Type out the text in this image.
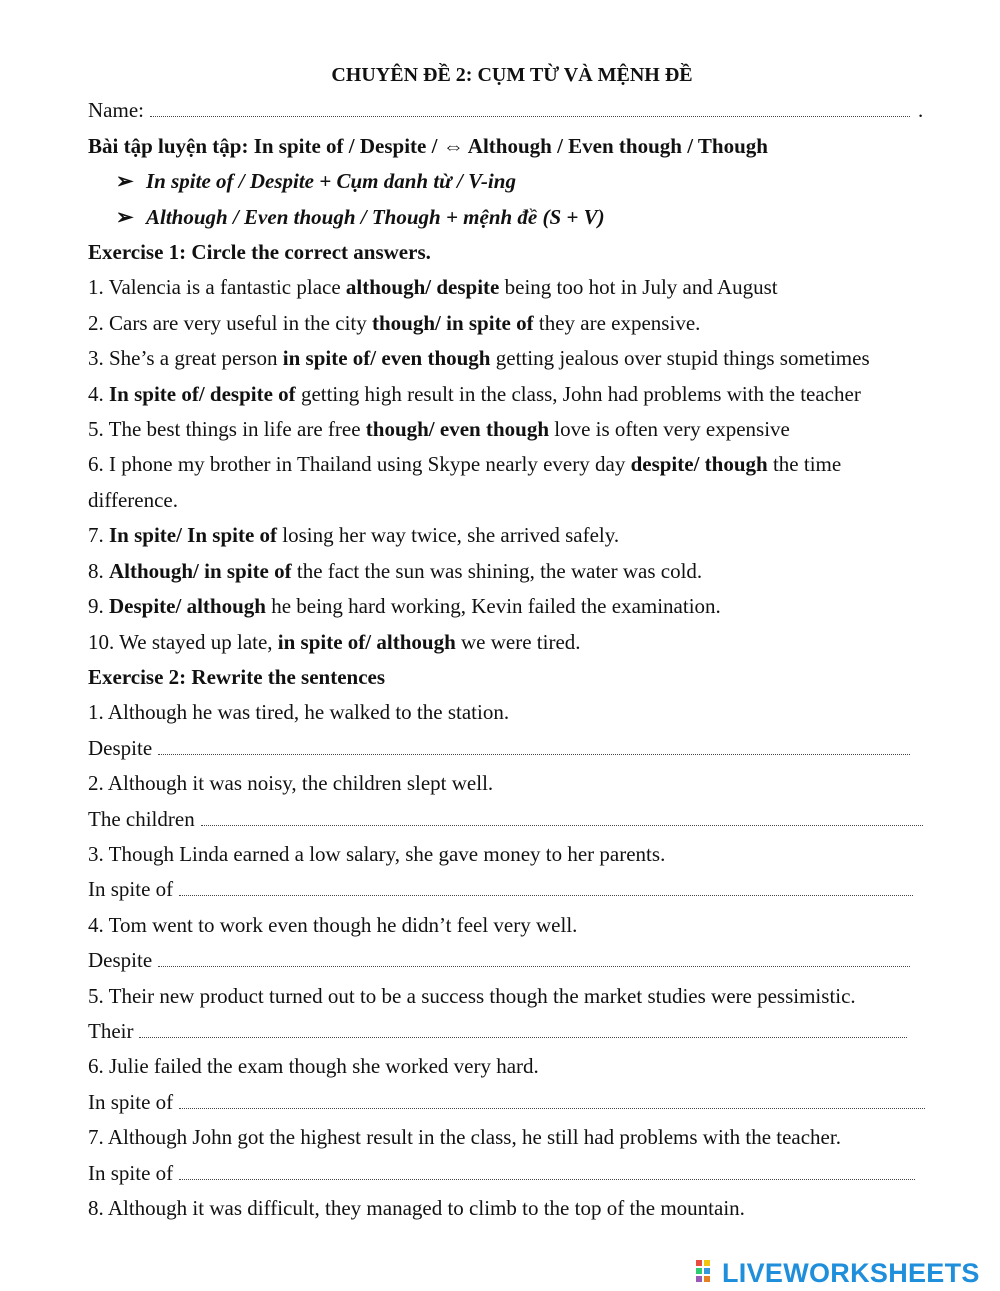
CHUYÊN ĐỀ 2: CỤM TỪ VÀ MỆNH ĐỀ
Name:	.
Bài tập luyện tập: In spite of / Despite / ⇔ Although / Even though / Though
➢ In spite of / Despite + Cụm danh từ / V-ing
➢ Although / Even though / Though + mệnh đề (S + V)
Exercise 1: Circle the correct answers.
1. Valencia is a fantastic place although/ despite being too hot in July and August
2. Cars are very useful in the city though/ in spite of they are expensive.
3. She’s a great person in spite of/ even though getting jealous over stupid things sometimes
4. In spite of/ despite of getting high result in the class, John had problems with the teacher
5. The best things in life are free though/ even though love is often very expensive
6. I phone my brother in Thailand using Skype nearly every day despite/ though the time difference.
7. In spite/ In spite of losing her way twice, she arrived safely.
8. Although/ in spite of the fact the sun was shining, the water was cold.
9. Despite/ although he being hard working, Kevin failed the examination.
10. We stayed up late, in spite of/ although we were tired.
Exercise 2: Rewrite the sentences
1. Although he was tired, he walked to the station.
Despite
2. Although it was noisy, the children slept well.
The children
3. Though Linda earned a low salary, she gave money to her parents.
In spite of
4. Tom went to work even though he didn’t feel very well.
Despite
5. Their new product turned out to be a success though the market studies were pessimistic.
Their
6. Julie failed the exam though she worked very hard.
In spite of
7. Although John got the highest result in the class, he still had problems with the teacher.
In spite of
8. Although it was difficult, they managed to climb to the top of the mountain.
LIVEWORKSHEETS
